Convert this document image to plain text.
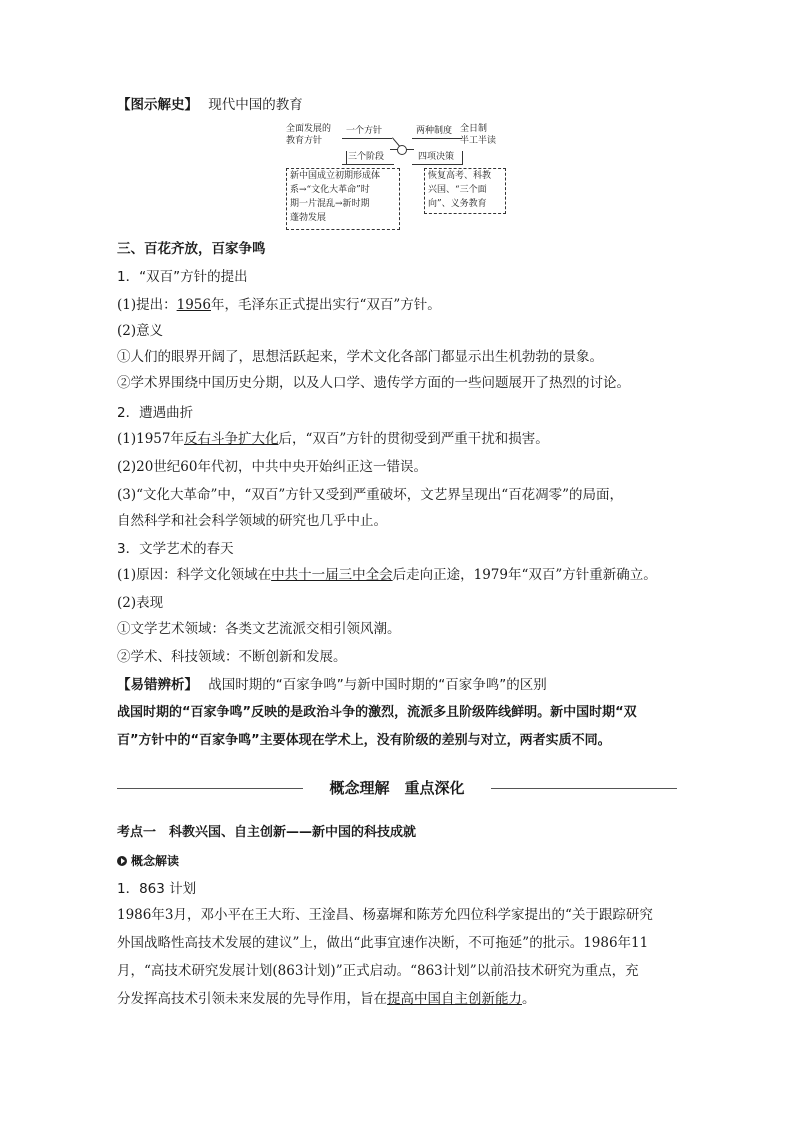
【图示解史】 现代中国的教育
全面发展的
教育方针
一个方针
三个阶段
两种制度 全日制
半工半读
四项决策
新中国成立初期形成体
系→“文化大革命”时
期一片混乱→新时期
蓬勃发展
恢复高考、科教
兴国、“三个面
向”、义务教育
三、百花齐放，百家争鸣
1．“双百”方针的提出
(1)提出：1956年，毛泽东正式提出实行“双百”方针。
(2)意义
①人们的眼界开阔了，思想活跃起来，学术文化各部门都显示出生机勃勃的景象。
②学术界围绕中国历史分期，以及人口学、遗传学方面的一些问题展开了热烈的讨论。
2．遭遇曲折
(1)1957年反右斗争扩大化后，“双百”方针的贯彻受到严重干扰和损害。
(2)20世纪60年代初，中共中央开始纠正这一错误。
(3)“文化大革命”中，“双百”方针又受到严重破坏，文艺界呈现出“百花凋零”的局面，
自然科学和社会科学领域的研究也几乎中止。
3．文学艺术的春天
(1)原因：科学文化领域在中共十一届三中全会后走向正途，1979年“双百”方针重新确立。
(2)表现
①文学艺术领域：各类文艺流派交相引领风潮。
②学术、科技领域：不断创新和发展。
【易错辨析】 战国时期的“百家争鸣”与新中国时期的“百家争鸣”的区别
战国时期的“百家争鸣”反映的是政治斗争的激烈，流派多且阶级阵线鲜明。新中国时期“双
百”方针中的“百家争鸣”主要体现在学术上，没有阶级的差别与对立，两者实质不同。
概念理解　重点深化
考点一　科教兴国、自主创新——新中国的科技成就
概念解读
1．863 计划
1986年3月，邓小平在王大珩、王淦昌、杨嘉墀和陈芳允四位科学家提出的“关于跟踪研究
外国战略性高技术发展的建议”上，做出“此事宜速作决断，不可拖延”的批示。1986年11
月，“高技术研究发展计划(863计划)”正式启动。“863计划”以前沿技术研究为重点，充
分发挥高技术引领未来发展的先导作用，旨在提高中国自主创新能力。
